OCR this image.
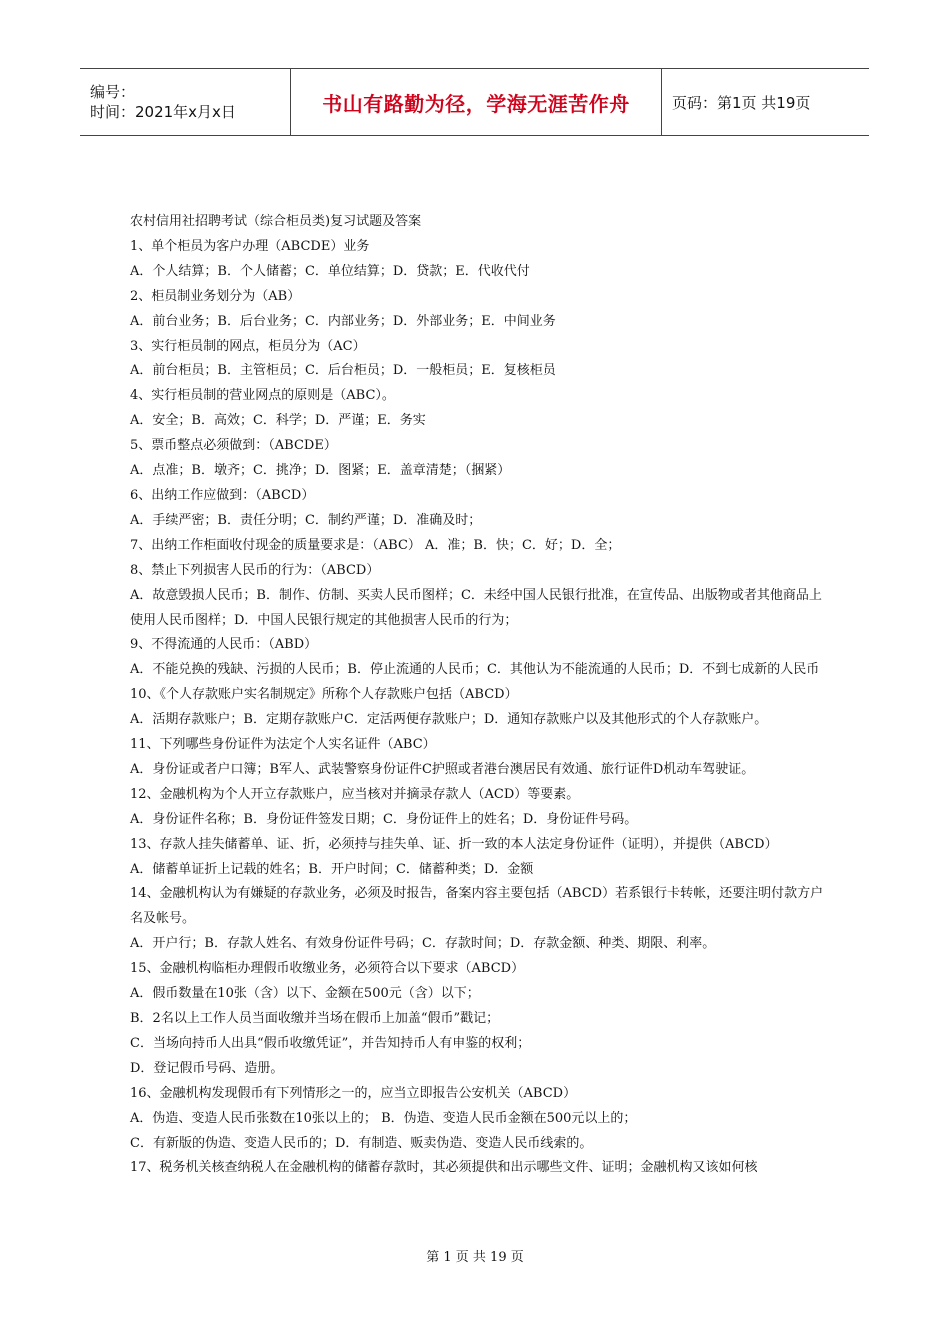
编号：
时间：2021年x月x日	书山有路勤为径，学海无涯苦作舟	页码：第1页 共19页

农村信用社招聘考试（综合柜员类)复习试题及答案

1、单个柜员为客户办理（ABCDE）业务

A．个人结算；B．个人储蓄；C．单位结算；D．贷款；E．代收代付

2、柜员制业务划分为（AB）

A．前台业务；B．后台业务；C．内部业务；D．外部业务；E．中间业务

3、实行柜员制的网点，柜员分为（AC）

A．前台柜员；B．主管柜员；C．后台柜员；D．一般柜员；E．复核柜员

4、实行柜员制的营业网点的原则是（ABC）。

A．安全；B．高效；C．科学；D．严谨；E．务实

5、票币整点必须做到：（ABCDE）

A．点准；B．墩齐；C．挑净；D．图紧；E．盖章清楚；（捆紧）

6、出纳工作应做到：（ABCD）

A．手续严密；B．责任分明；C．制约严谨；D．准确及时；

7、出纳工作柜面收付现金的质量要求是：（ABC） A．准；B．快；C．好；D．全；

8、禁止下列损害人民币的行为：（ABCD）

A．故意毁损人民币；B．制作、仿制、买卖人民币图样；C．未经中国人民银行批准，在宣传品、出版物或者其他商品上使用人民币图样；D．中国人民银行规定的其他损害人民币的行为；

9、不得流通的人民币：（ABD）

A．不能兑换的残缺、污损的人民币；B．停止流通的人民币；C．其他认为不能流通的人民币；D．不到七成新的人民币

10、《个人存款账户实名制规定》所称个人存款账户包括（ABCD）

A．活期存款账户；B．定期存款账户C．定活两便存款账户；D．通知存款账户以及其他形式的个人存款账户。

11、下列哪些身份证件为法定个人实名证件（ABC）

A．身份证或者户口簿；B军人、武装警察身份证件C护照或者港台澳居民有效通、旅行证件D机动车驾驶证。

12、金融机构为个人开立存款账户，应当核对并摘录存款人（ACD）等要素。

A．身份证件名称；B．身份证件签发日期；C．身份证件上的姓名；D．身份证件号码。

13、存款人挂失储蓄单、证、折，必须持与挂失单、证、折一致的本人法定身份证件（证明），并提供（ABCD）

A．储蓄单证折上记载的姓名；B．开户时间；C．储蓄种类；D．金额

14、金融机构认为有嫌疑的存款业务，必须及时报告，备案内容主要包括（ABCD）若系银行卡转帐，还要注明付款方户名及帐号。

A．开户行；B．存款人姓名、有效身份证件号码；C．存款时间；D．存款金额、种类、期限、利率。

15、金融机构临柜办理假币收缴业务，必须符合以下要求（ABCD）

A．假币数量在10张（含）以下、金额在500元（含）以下；

B．2名以上工作人员当面收缴并当场在假币上加盖“假币”戳记；

C．当场向持币人出具“假币收缴凭证”，并告知持币人有申鉴的权利；

D．登记假币号码、造册。

16、金融机构发现假币有下列情形之一的，应当立即报告公安机关（ABCD）

A．伪造、变造人民币张数在10张以上的； B．伪造、变造人民币金额在500元以上的；

C．有新版的伪造、变造人民币的；D．有制造、贩卖伪造、变造人民币线索的。

17、税务机关核查纳税人在金融机构的储蓄存款时，其必须提供和出示哪些文件、证明；金融机构又该如何核

第 1 页 共 19 页
